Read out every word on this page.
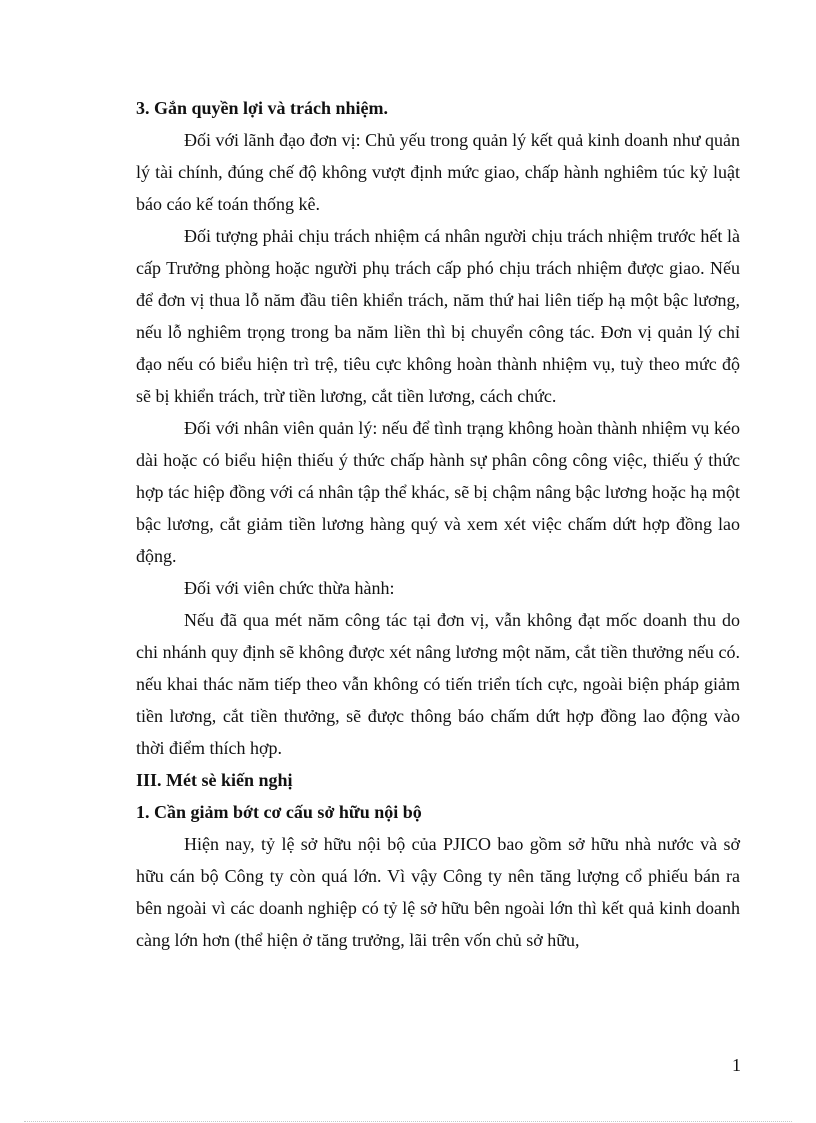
3. Gắn quyền lợi và trách nhiệm.

Đối với lãnh đạo đơn vị: Chủ yếu trong quản lý kết quả kinh doanh như quản lý tài chính, đúng chế độ không vượt định mức giao, chấp hành nghiêm túc kỷ luật báo cáo kế toán thống kê.

Đối tượng phải chịu trách nhiệm cá nhân người chịu trách nhiệm trước hết là cấp Trưởng phòng hoặc người phụ trách cấp phó chịu trách nhiệm được giao. Nếu để đơn vị thua lỗ năm đầu tiên khiển trách, năm thứ hai liên tiếp hạ một bậc lương, nếu lỗ nghiêm trọng trong ba năm liền thì bị chuyển công tác. Đơn vị quản lý chỉ đạo nếu có biểu hiện trì trệ, tiêu cực không hoàn thành nhiệm vụ, tuỳ theo mức độ sẽ bị khiển trách, trừ tiền lương, cắt tiền lương, cách chức.

Đối với nhân viên quản lý: nếu để tình trạng không hoàn thành nhiệm vụ kéo dài hoặc có biểu hiện thiếu ý thức chấp hành sự phân công công việc, thiếu ý thức hợp tác hiệp đồng với cá nhân tập thể khác, sẽ bị chậm nâng bậc lương hoặc hạ một bậc lương, cắt giảm tiền lương hàng quý và xem xét việc chấm dứt hợp đồng lao động.

Đối với viên chức thừa hành:

Nếu đã qua mét năm công tác tại đơn vị, vẫn không đạt mốc doanh thu do chi nhánh quy định sẽ không được xét nâng lương một năm, cắt tiền thưởng nếu có. nếu khai thác năm tiếp theo vẫn không có tiến triển tích cực, ngoài biện pháp giảm tiền lương, cắt tiền thưởng, sẽ được thông báo chấm dứt hợp đồng lao động vào thời điểm thích hợp.

III. Mét sè kiến nghị

1. Cần giảm bớt cơ cấu sở hữu nội bộ

Hiện nay, tỷ lệ sở hữu nội bộ của PJICO bao gồm sở hữu nhà nước và sở hữu cán bộ Công ty còn quá lớn. Vì vậy Công ty nên tăng lượng cổ phiếu bán ra bên ngoài vì các doanh nghiệp có tỷ lệ sở hữu bên ngoài lớn thì kết quả kinh doanh càng lớn hơn (thể hiện ở tăng trưởng, lãi trên vốn chủ sở hữu,

1
